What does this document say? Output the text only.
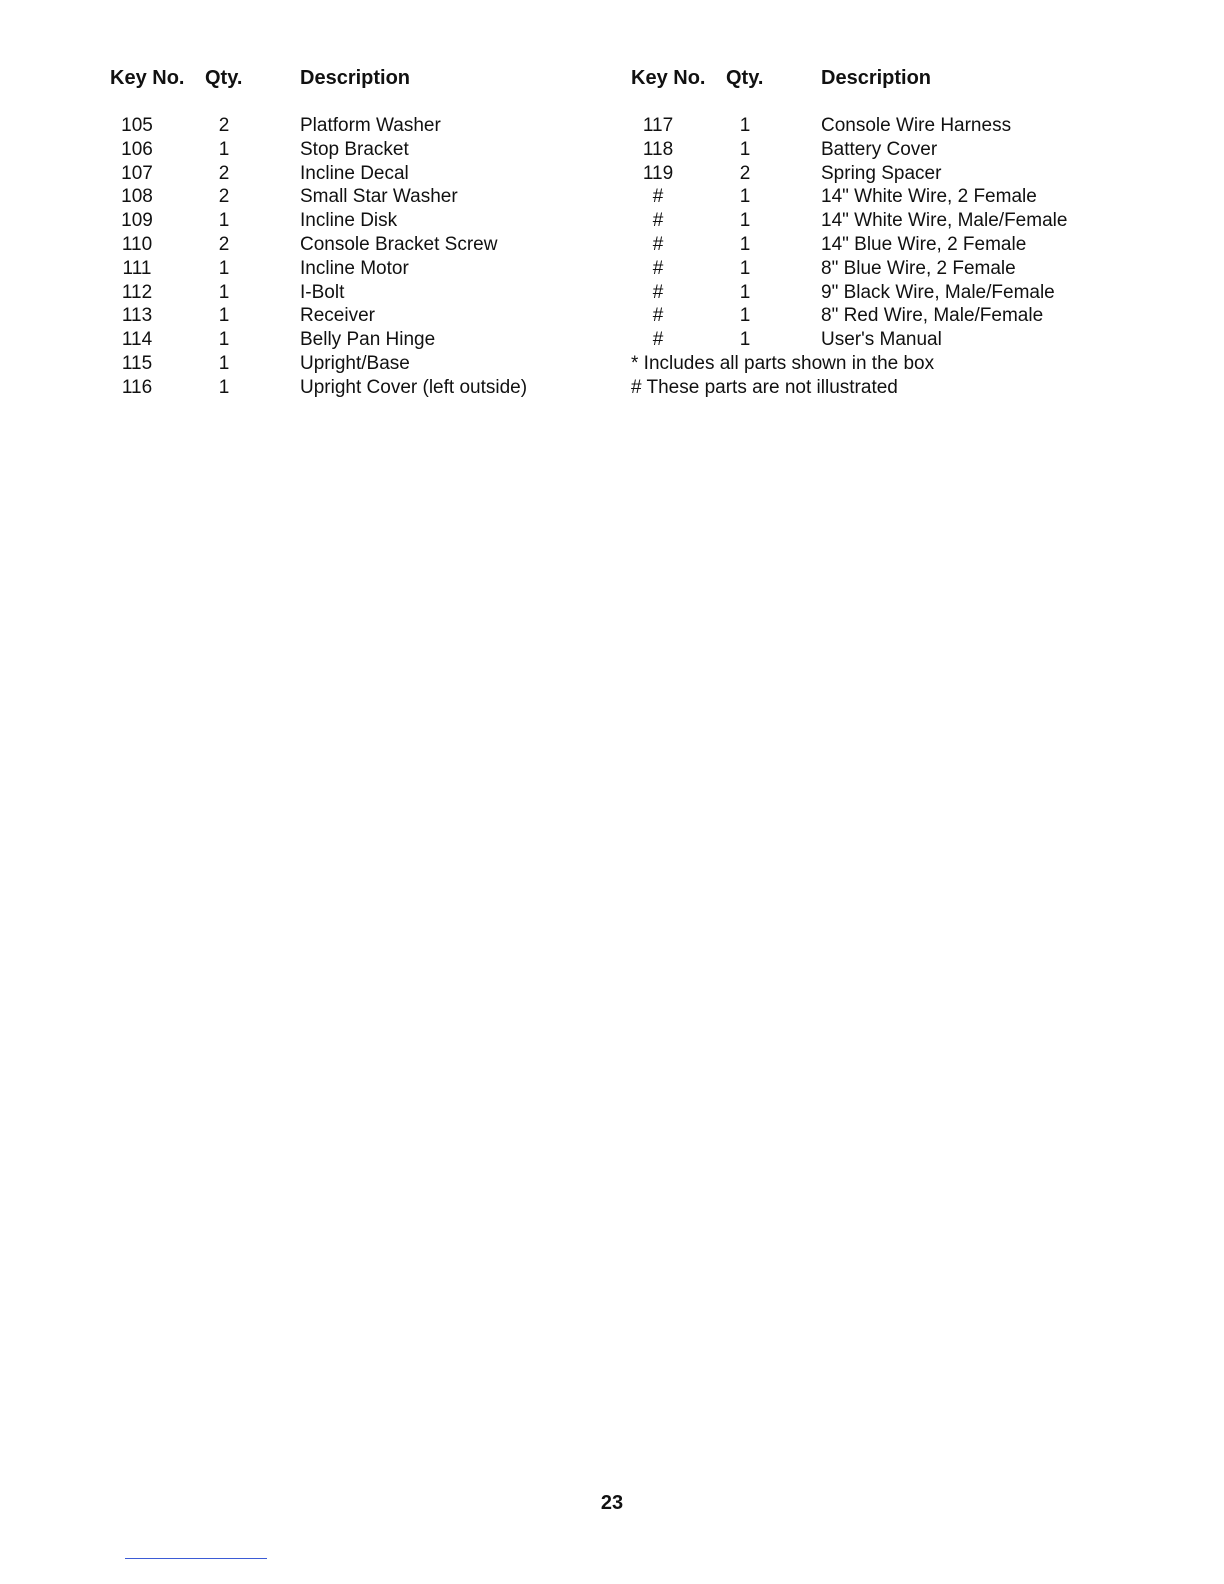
Key No. Qty.	Description	Key No. Qty.	Description
105	2	Platform Washer
106	1	Stop Bracket
107	2	Incline Decal
108	2	Small Star Washer
109	1	Incline Disk
110	2	Console Bracket Screw
111	1	Incline Motor
112	1	I-Bolt
113	1	Receiver
114	1	Belly Pan Hinge
115	1	Upright/Base
116	1	Upright Cover (left outside)
117	1	Console Wire Harness
118	1	Battery Cover
119	2	Spring Spacer
#	1	14" White Wire, 2 Female
#	1	14" White Wire, Male/Female
#	1	14" Blue Wire, 2 Female
#	1	8" Blue Wire, 2 Female
#	1	9" Black Wire, Male/Female
#	1	8" Red Wire, Male/Female
#	1	User's Manual
* Includes all parts shown in the box
# These parts are not illustrated
23
